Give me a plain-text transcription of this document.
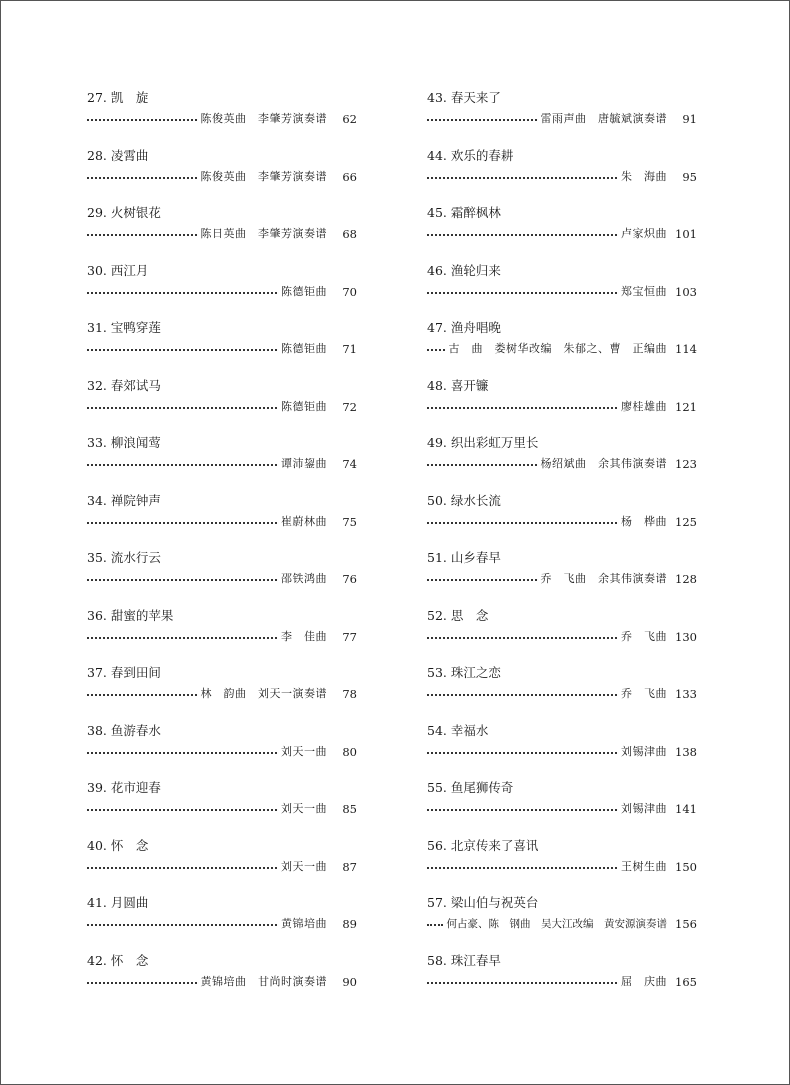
27. 凯　旋
陈俊英曲　李肇芳演奏谱	62
28. 凌霄曲
陈俊英曲　李肇芳演奏谱	66
29. 火树银花
陈日英曲　李肇芳演奏谱	68
30. 西江月
陈德钜曲	70
31. 宝鸭穿莲
陈德钜曲	71
32. 春郊试马
陈德钜曲	72
33. 柳浪闻莺
谭沛鋆曲	74
34. 禅院钟声
崔蔚林曲	75
35. 流水行云
邵铁鸿曲	76
36. 甜蜜的苹果
李　佳曲	77
37. 春到田间
林　韵曲　刘天一演奏谱	78
38. 鱼游春水
刘天一曲	80
39. 花市迎春
刘天一曲	85
40. 怀　念
刘天一曲	87
41. 月圆曲
黄锦培曲	89
42. 怀　念
黄锦培曲　甘尚时演奏谱	90
43. 春天来了
雷雨声曲　唐毓斌演奏谱	91
44. 欢乐的春耕
朱　海曲	95
45. 霜醉枫林
卢家炽曲 101
46. 渔轮归来
郑宝恒曲 103
47. 渔舟唱晚
古　曲　娄树华改编　朱郁之、曹　正编曲 114
48. 喜开镰
廖桂雄曲 121
49. 织出彩虹万里长
杨绍斌曲　余其伟演奏谱 123
50. 绿水长流
杨　桦曲 125
51. 山乡春早
乔　飞曲　余其伟演奏谱 128
52. 思　念
乔　飞曲 130
53. 珠江之恋
乔　飞曲 133
54. 幸福水
刘锡津曲 138
55. 鱼尾狮传奇
刘锡津曲 141
56. 北京传来了喜讯
王树生曲 150
57. 梁山伯与祝英台
何占豪、陈　钢曲　吴大江改编　黄安源演奏谱 156
58. 珠江春早
屈　庆曲 165
